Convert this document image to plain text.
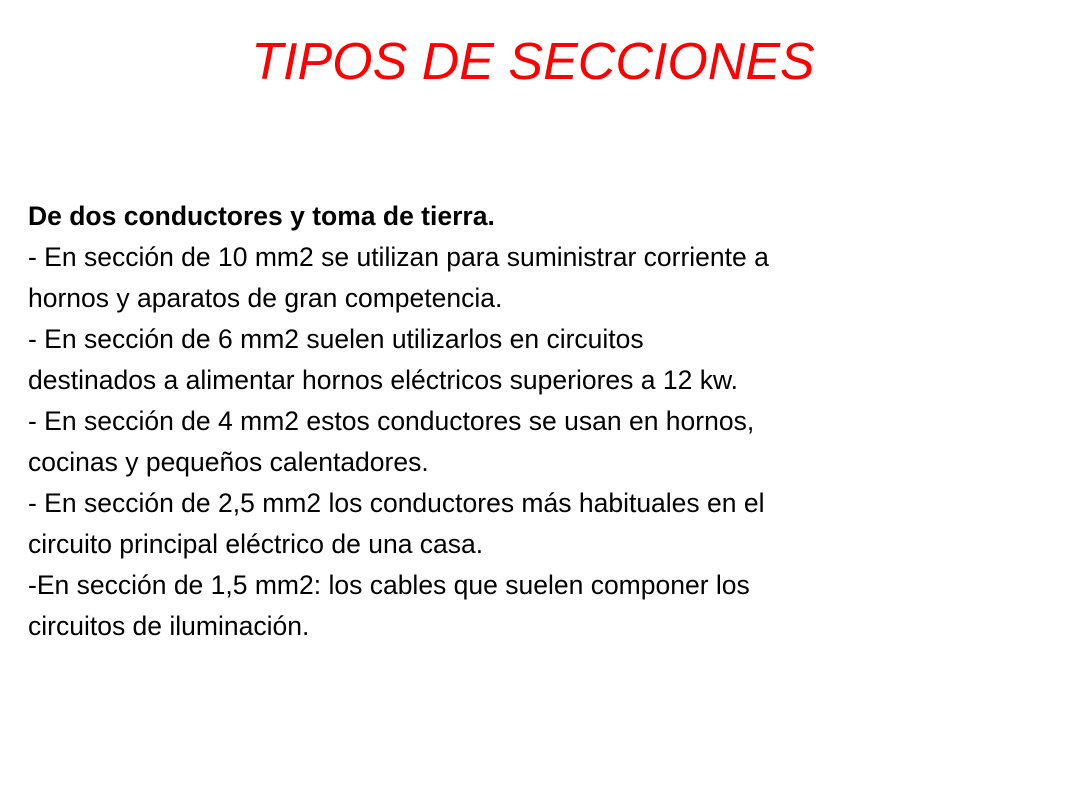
TIPOS DE SECCIONES
De dos conductores y toma de tierra.
- En sección de 10 mm2 se utilizan para suministrar corriente a
hornos y aparatos de gran competencia.
- En sección de 6 mm2 suelen utilizarlos en circuitos
destinados a alimentar hornos eléctricos superiores a 12 kw.
- En sección de 4 mm2 estos conductores se usan en hornos,
cocinas y pequeños calentadores.
- En sección de 2,5 mm2 los conductores más habituales en el
circuito principal eléctrico de una casa.
-En sección de 1,5 mm2: los cables que suelen componer los
circuitos de iluminación.
